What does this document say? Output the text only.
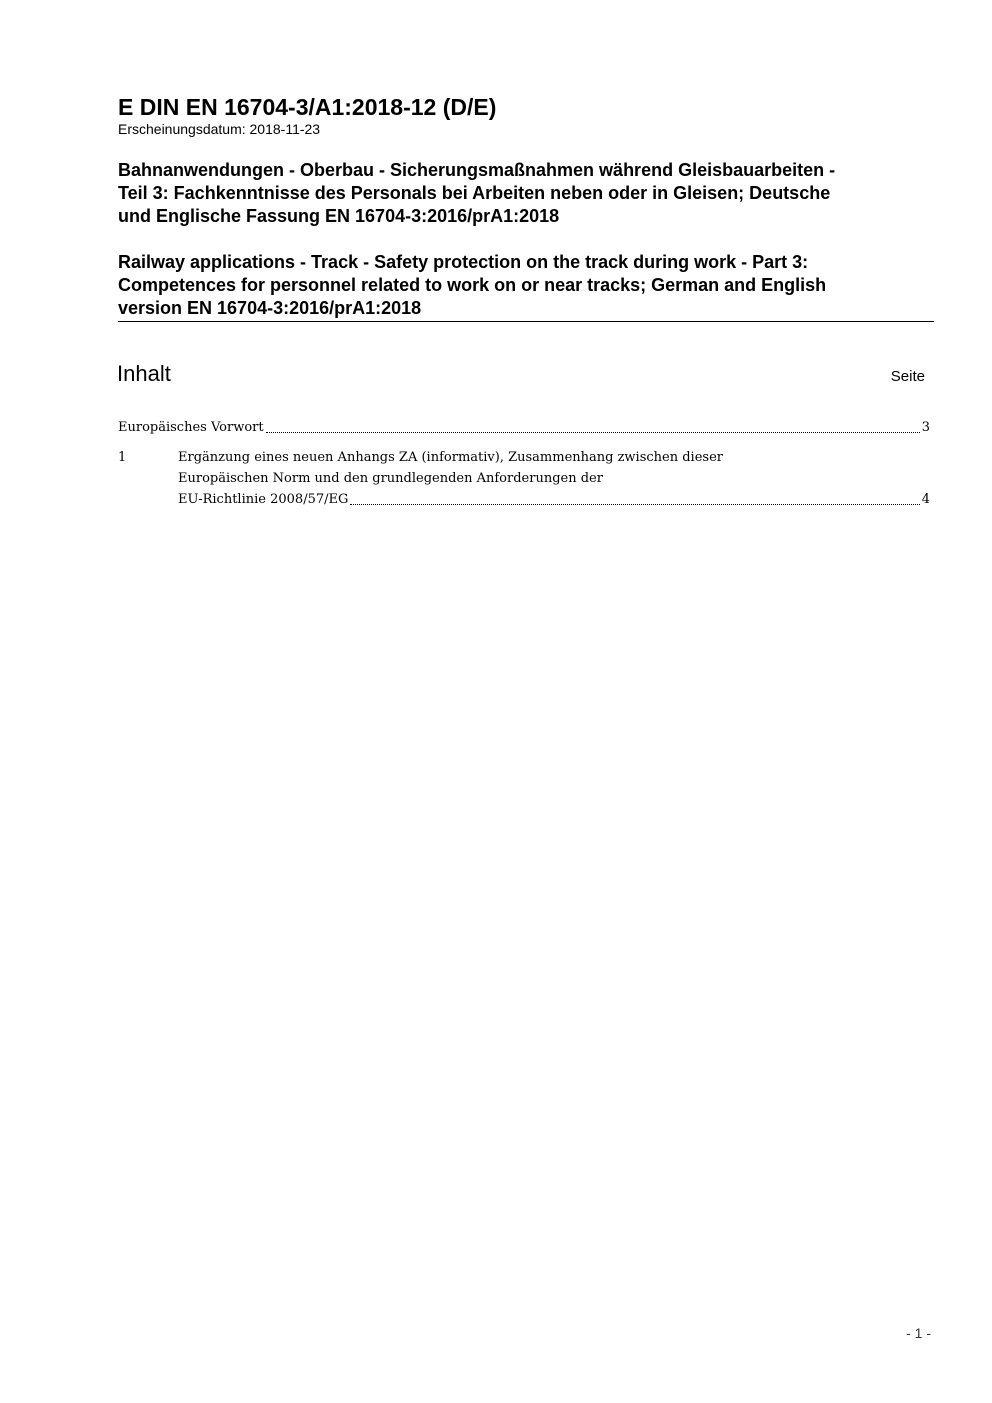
E DIN EN 16704-3/A1:2018-12 (D/E)
Erscheinungsdatum: 2018-11-23
Bahnanwendungen - Oberbau - Sicherungsmaßnahmen während Gleisbauarbeiten -
Teil 3: Fachkenntnisse des Personals bei Arbeiten neben oder in Gleisen; Deutsche
und Englische Fassung EN 16704-3:2016/prA1:2018
Railway applications - Track - Safety protection on the track during work - Part 3:
Competences for personnel related to work on or near tracks; German and English
version EN 16704-3:2016/prA1:2018
Inhalt	Seite
Europäisches Vorwort	3
1	Ergänzung eines neuen Anhangs ZA (informativ), Zusammenhang zwischen dieser
Europäischen Norm und den grundlegenden Anforderungen der
EU-Richtlinie 2008/57/EG	4
- 1 -
